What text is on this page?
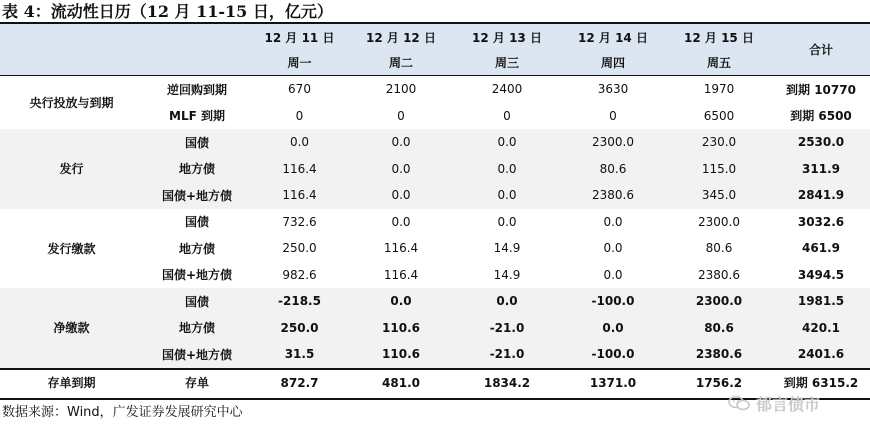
表 4：流动性日历（12 月 11-15 日，亿元）
		12 月 11 日	12 月 12 日	12 月 13 日	12 月 14 日	12 月 15 日	合计
		周一	周二	周三	周四	周五	
央行投放与到期	逆回购到期	670	2100	2400	3630	1970	到期 10770
	MLF 到期	0	0	0	0	6500	到期 6500
发行	国债	0.0	0.0	0.0	2300.0	230.0	2530.0
	地方债	116.4	0.0	0.0	80.6	115.0	311.9
	国债+地方债	116.4	0.0	0.0	2380.6	345.0	2841.9
发行缴款	国债	732.6	0.0	0.0	0.0	2300.0	3032.6
	地方债	250.0	116.4	14.9	0.0	80.6	461.9
	国债+地方债	982.6	116.4	14.9	0.0	2380.6	3494.5
净缴款	国债	-218.5	0.0	0.0	-100.0	2300.0	1981.5
	地方债	250.0	110.6	-21.0	0.0	80.6	420.1
	国债+地方债	31.5	110.6	-21.0	-100.0	2380.6	2401.6
存单到期	存单	872.7	481.0	1834.2	1371.0	1756.2	到期 6315.2
数据来源：Wind，广发证券发展研究中心	郁言债市
